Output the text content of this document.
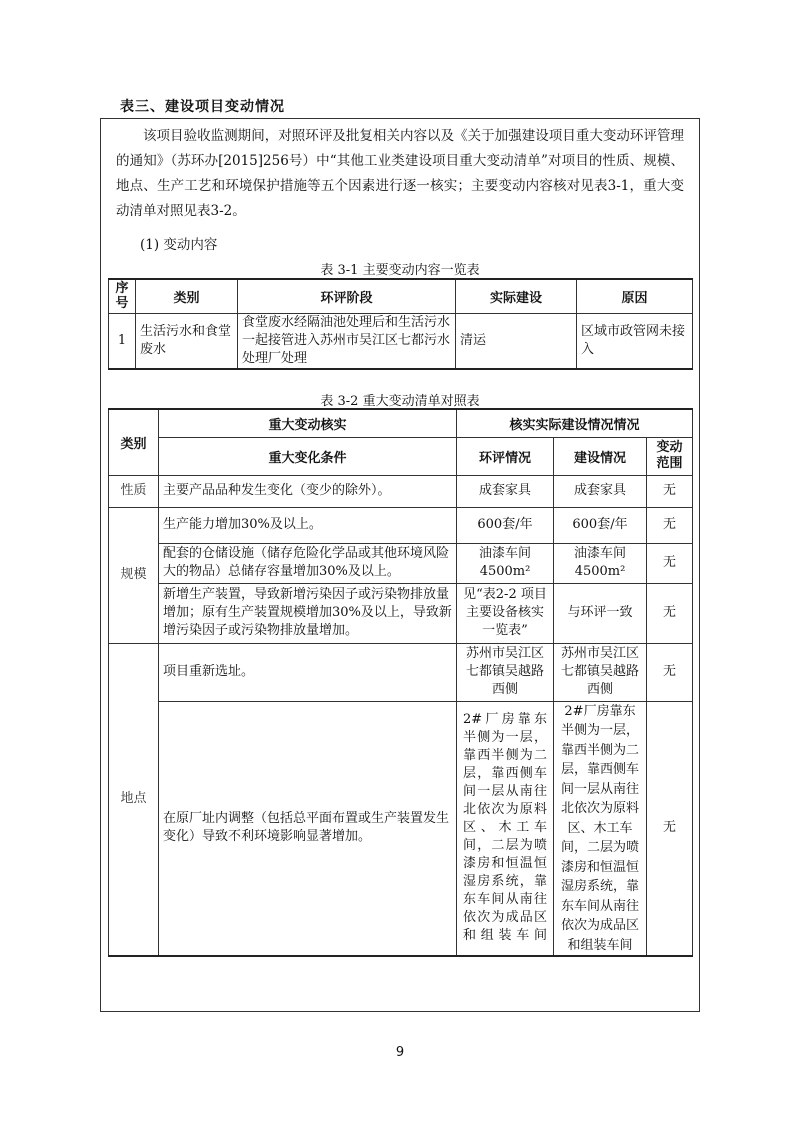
表三、建设项目变动情况
该项目验收监测期间，对照环评及批复相关内容以及《关于加强建设项目重大变动环评管理的通知》（苏环办[2015]256号）中“其他工业类建设项目重大变动清单”对项目的性质、规模、地点、生产工艺和环境保护措施等五个因素进行逐一核实；主要变动内容核对见表3-1，重大变动清单对照见表3-2。
(1) 变动内容
表 3-1 主要变动内容一览表
序号	类别	环评阶段	实际建设	原因
1	生活污水和食堂废水	食堂废水经隔油池处理后和生活污水一起接管进入苏州市吴江区七都污水处理厂处理	清运	区域市政管网未接入
表 3-2 重大变动清单对照表
类别	重大变动核实	核实实际建设情况情况		
	重大变化条件	环评情况	建设情况	变动范围
性质	主要产品品种发生变化（变少的除外）。	成套家具	成套家具	无
规模	生产能力增加30%及以上。	600套/年	600套/年	无
	配套的仓储设施（储存危险化学品或其他环境风险大的物品）总储存容量增加30%及以上。	油漆车间4500m²	油漆车间4500m²	无
	新增生产装置，导致新增污染因子或污染物排放量增加；原有生产装置规模增加30%及以上，导致新增污染因子或污染物排放量增加。	见“表2-2 项目主要设备核实一览表”	与环评一致	无
地点	项目重新选址。	苏州市吴江区七都镇吴越路西侧	苏州市吴江区七都镇吴越路西侧	无
	在原厂址内调整（包括总平面布置或生产装置发生变化）导致不利环境影响显著增加。	2#厂房靠东半侧为一层，靠西半侧为二层，靠西侧车间一层从南往北依次为原料区、木工车间，二层为喷漆房和恒温恒湿房系统，靠东车间从南往依次为成品区和组装车间	2#厂房靠东半侧为一层，靠西半侧为二层，靠西侧车间一层从南往北依次为原料区、木工车间，二层为喷漆房和恒温恒湿房系统，靠东车间从南往依次为成品区和组装车间	无
9
